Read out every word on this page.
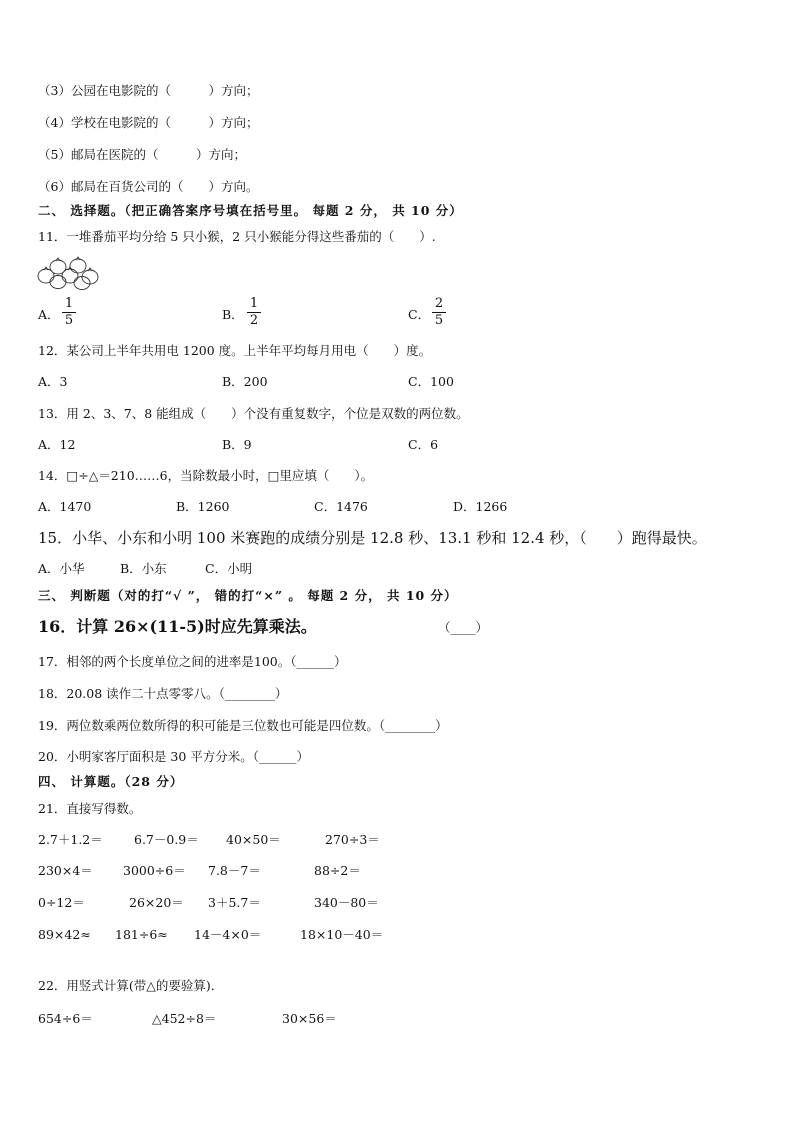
（3）公园在电影院的（　　　）方向；
（4）学校在电影院的（　　　）方向；
（5）邮局在医院的（　　　）方向；
（6）邮局在百货公司的（　　）方向。
二、 选择题。（把正确答案序号填在括号里。 每题 2 分， 共 10 分）
11．一堆番茄平均分给 5 只小猴，2 只小猴能分得这些番茄的（　　）.
A． $\frac{1}{5}$	B． $\frac{1}{2}$	C． $\frac{2}{5}$
12．某公司上半年共用电 1200 度。上半年平均每月用电（　　）度。
A．3	B．200	C．100
13．用 2、3、7、8 能组成（　　）个没有重复数字，个位是双数的两位数。
A．12	B．9	C．6
14．□÷△＝210……6，当除数最小时，□里应填（　　）。
A．1470	B．1260	C．1476	D．1266
15．小华、小东和小明 100 米赛跑的成绩分别是 12.8 秒、13.1 秒和 12.4 秒，（　　）跑得最快。
A．小华	B．小东	C．小明
三、 判断题（对的打“√ ”， 错的打“×” 。 每题 2 分， 共 10 分）
16．计算 26×(11-5)时应先算乘法。	（____）
17．相邻的两个长度单位之间的进率是100。（______）
18．20.08 读作二十点零零八。（________）
19．两位数乘两位数所得的积可能是三位数也可能是四位数。（________）
20．小明家客厅面积是 30 平方分米。（______）
四、 计算题。（28 分）
21．直接写得数。
2.7＋1.2＝ 6.7－0.9＝ 40×50＝	270÷3＝
230×4＝ 3000÷6＝ 7.8－7＝	88÷2＝
0÷12＝	26×20＝ 3＋5.7＝	340－80＝
89×42≈ 181÷6≈ 14－4×0＝	18×10－40＝
22．用竖式计算(带△的要验算)．
654÷6＝	△452÷8＝	30×56＝
